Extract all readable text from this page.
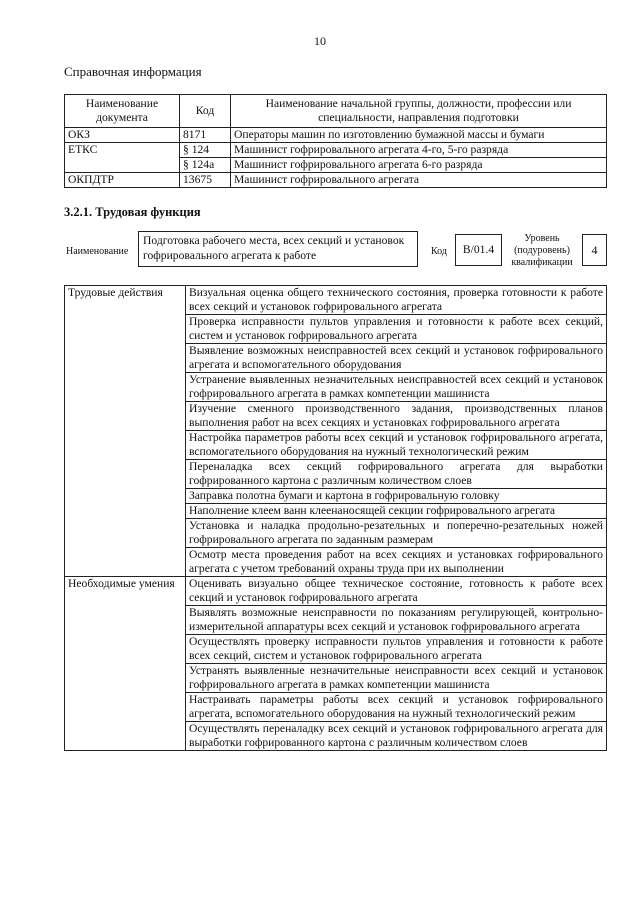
10
Справочная информация
Наименование документа	Код	Наименование начальной группы, должности, профессии или специальности, направления подготовки
ОКЗ	8171	Операторы машин по изготовлению бумажной массы и бумаги
ЕТКС	§ 124	Машинист гофрировального агрегата 4-го, 5-го разряда
	§ 124а	Машинист гофрировального агрегата 6-го разряда
ОКПДТР	13675	Машинист гофрировального агрегата
3.2.1. Трудовая функция
Наименование
Подготовка рабочего места, всех секций и установок гофрировального агрегата к работе	Код	В/01.4
Уровень (подуровень) квалификации
4
Трудовые действия	Визуальная оценка общего технического состояния, проверка готовности к работе всех секций и установок гофрировального агрегата
	Проверка исправности пультов управления и готовности к работе всех секций, систем и установок гофрировального агрегата
	Выявление возможных неисправностей всех секций и установок гофрировального агрегата и вспомогательного оборудования
	Устранение выявленных незначительных неисправностей всех секций и установок гофрировального агрегата в рамках компетенции машиниста
	Изучение сменного производственного задания, производственных планов выполнения работ на всех секциях и установках гофрировального агрегата
	Настройка параметров работы всех секций и установок гофрировального агрегата, вспомогательного оборудования на нужный технологический режим
	Переналадка всех секций гофрировального агрегата для выработки гофрированного картона с различным количеством слоев
	Заправка полотна бумаги и картона в гофрировальную головку
	Наполнение клеем ванн клеенаносящей секции гофрировального агрегата
	Установка и наладка продольно-резательных и поперечно-резательных ножей гофрировального агрегата по заданным размерам
	Осмотр места проведения работ на всех секциях и установках гофрировального агрегата с учетом требований охраны труда при их выполнении
Необходимые умения	Оценивать визуально общее техническое состояние, готовность к работе всех секций и установок гофрировального агрегата
	Выявлять возможные неисправности по показаниям регулирующей, контрольно-измерительной аппаратуры всех секций и установок гофрировального агрегата
	Осуществлять проверку исправности пультов управления и готовности к работе всех секций, систем и установок гофрировального агрегата
	Устранять выявленные незначительные неисправности всех секций и установок гофрировального агрегата в рамках компетенции машиниста
	Настраивать параметры работы всех секций и установок гофрировального агрегата, вспомогательного оборудования на нужный технологический режим
	Осуществлять переналадку всех секций и установок гофрировального агрегата для выработки гофрированного картона с различным количеством слоев
